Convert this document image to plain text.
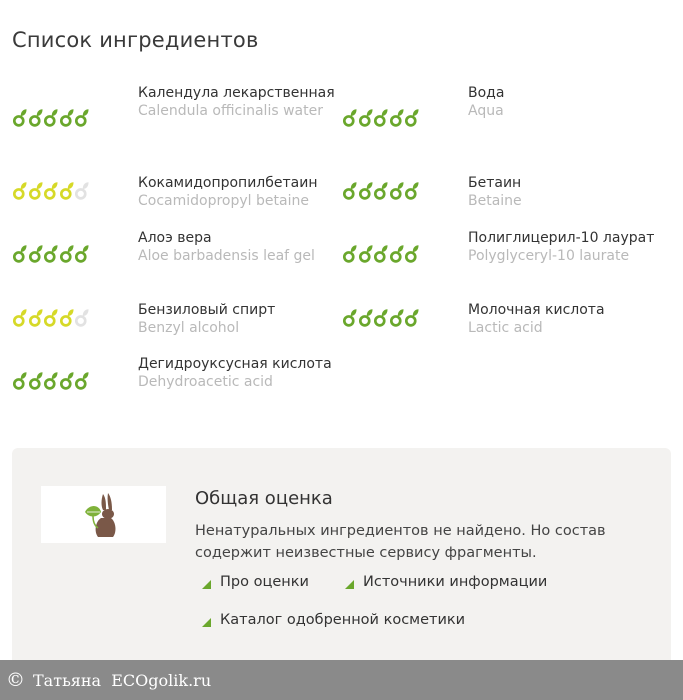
Список ингредиентов
Календула лекарственная
Calendula officinalis water
Кокамидопропилбетаин
Cocamidopropyl betaine
Алоэ вера
Aloe barbadensis leaf gel
Бензиловый спирт
Benzyl alcohol
Дегидроуксусная кислота
Dehydroacetic acid
Вода
Aqua
Бетаин
Betaine
Полиглицерил-10 лаурат
Polyglyceryl-10 laurate
Молочная кислота
Lactic acid
Общая оценка
Ненатуральных ингредиентов не найдено. Но состав содержит неизвестные сервису фрагменты.
Про оценки	Источники информации
Каталог одобренной косметики
© Татьяна  ECOgolik.ru
